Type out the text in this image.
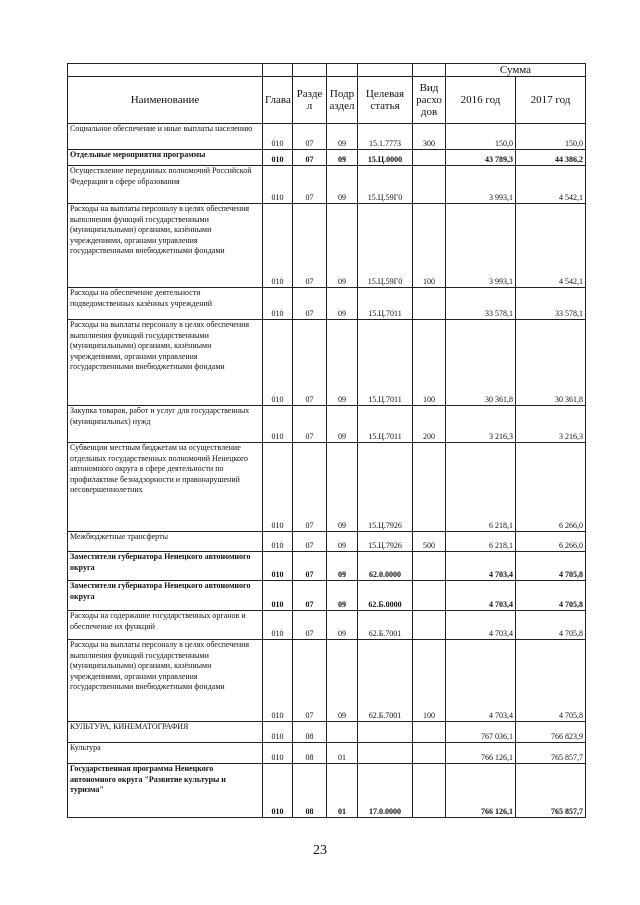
						Сумма	
Наименование	Глава	Разде л	Подр аздел	Целевая статья	Вид расхо дов	2016 год	2017 год
Социальное обеспечение и иные выплаты населению	010	07	09	15.1.7773	300	150,0	150,0
Отдельные мероприятия программы	010	07	09	15.Ц.0000		43 789,3	44 386,2
Осуществление переданных полномочий Российской Федерации в сфере образования	010	07	09	15.Ц.59Г0		3 993,1	4 542,1
Расходы на выплаты персоналу в целях обеспечения выполнения функций государственными (муниципальными) органами, казёнными учреждениями, органами управления государственными внебюджетными фондами	010	07	09	15.Ц.59Г0	100	3 993,1	4 542,1
Расходы на обеспечение деятельности подведомственных казённых учреждений	010	07	09	15.Ц.7011		33 578,1	33 578,1
Расходы на выплаты персоналу в целях обеспечения выполнения функций государственными (муниципальными) органами, казёнными учреждениями, органами управления государственными внебюджетными фондами	010	07	09	15.Ц.7011	100	30 361,8	30 361,8
Закупка товаров, работ и услуг для государственных (муниципальных) нужд	010	07	09	15.Ц.7011	200	3 216,3	3 216,3
Субвенции местным бюджетам на осуществление отдельных государственных полномочий Ненецкого автономного округа в сфере деятельности по профилактике безнадзорности и правонарушений несовершеннолетних	010	07	09	15.Ц.7926		6 218,1	6 266,0
Межбюджетные трансферты	010	07	09	15.Ц.7926	500	6 218,1	6 266,0
Заместители губернатора Ненецкого автономного округа	010	07	09	62.0.0000		4 703,4	4 705,8
Заместители губернатора Ненецкого автономного округа	010	07	09	62.Б.0000		4 703,4	4 705,8
Расходы на содержание государственных органов и обеспечение их функций	010	07	09	62.Б.7001		4 703,4	4 705,8
Расходы на выплаты персоналу в целях обеспечения выполнения функций государственными (муниципальными) органами, казёнными учреждениями, органами управления государственными внебюджетными фондами	010	07	09	62.Б.7001	100	4 703,4	4 705,8
КУЛЬТУРА, КИНЕМАТОГРАФИЯ	010	08				767 036,1	766 823,9
Культура	010	08	01			766 126,1	765 857,7
Государственная программа Ненецкого автономного округа "Развитие культуры и туризма"	010	08	01	17.0.0000		766 126,1	765 857,7
23
